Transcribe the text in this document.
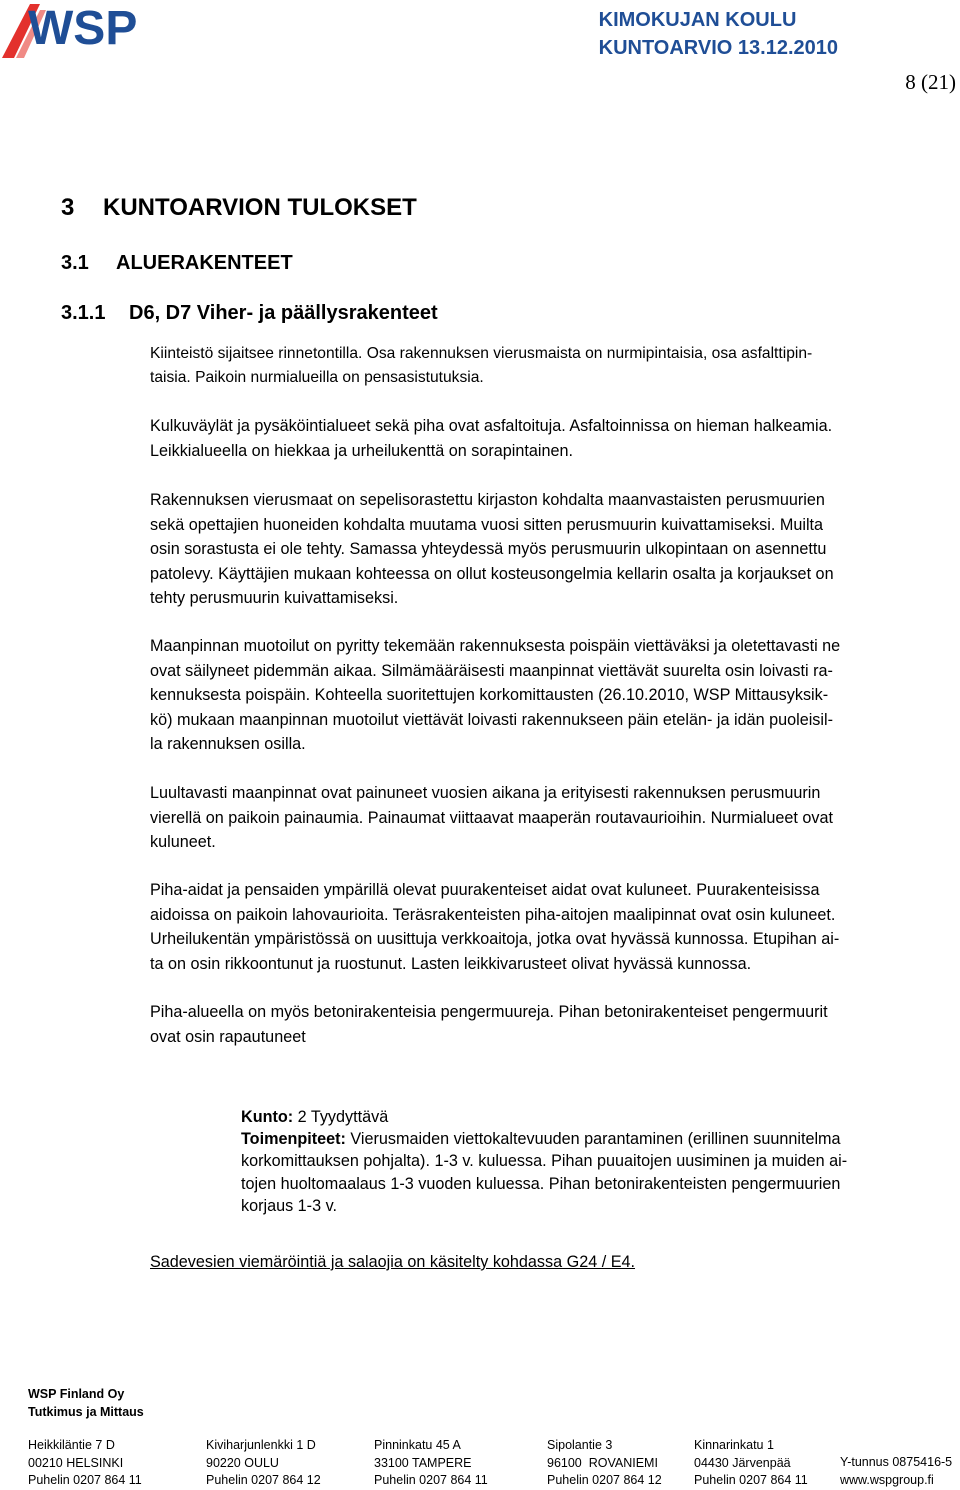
WSP	KIMOKUJAN KOULU
KUNTOARVIO 13.12.2010
8 (21)
3 KUNTOARVION TULOKSET
3.1 ALUERAKENTEET
3.1.1 D6, D7 Viher- ja päällysrakenteet

Kiinteistö sijaitsee rinnetontilla. Osa rakennuksen vierusmaista on nurmipintaisia, osa asfalttipin-

taisia. Paikoin nurmialueilla on pensasistutuksia.

Kulkuväylät ja pysäköintialueet sekä piha ovat asfaltoituja. Asfaltoinnissa on hieman halkeamia.

Leikkialueella on hiekkaa ja urheilukenttä on sorapintainen.

Rakennuksen vierusmaat on sepelisorastettu kirjaston kohdalta maanvastaisten perusmuurien

sekä opettajien huoneiden kohdalta muutama vuosi sitten perusmuurin kuivattamiseksi. Muilta

osin sorastusta ei ole tehty. Samassa yhteydessä myös perusmuurin ulkopintaan on asennettu

patolevy. Käyttäjien mukaan kohteessa on ollut kosteusongelmia kellarin osalta ja korjaukset on

tehty perusmuurin kuivattamiseksi.

Maanpinnan muotoilut on pyritty tekemään rakennuksesta poispäin viettäväksi ja oletettavasti ne

ovat säilyneet pidemmän aikaa. Silmämääräisesti maanpinnat viettävät suurelta osin loivasti ra-

kennuksesta poispäin. Kohteella suoritettujen korkomittausten (26.10.2010, WSP Mittausyksik-

kö) mukaan maanpinnan muotoilut viettävät loivasti rakennukseen päin etelän- ja idän puoleisil-

la rakennuksen osilla.

Luultavasti maanpinnat ovat painuneet vuosien aikana ja erityisesti rakennuksen perusmuurin

vierellä on paikoin painaumia. Painaumat viittaavat maaperän routavaurioihin. Nurmialueet ovat

kuluneet.

Piha-aidat ja pensaiden ympärillä olevat puurakenteiset aidat ovat kuluneet. Puurakenteisissa

aidoissa on paikoin lahovaurioita. Teräsrakenteisten piha-aitojen maalipinnat ovat osin kuluneet.

Urheilukentän ympäristössä on uusittuja verkkoaitoja, jotka ovat hyvässä kunnossa. Etupihan ai-

ta on osin rikkoontunut ja ruostunut. Lasten leikkivarusteet olivat hyvässä kunnossa.

Piha-alueella on myös betonirakenteisia pengermuureja. Pihan betonirakenteiset pengermuurit

ovat osin rapautuneet

Kunto: 2 Tyydyttävä

Toimenpiteet: Vierusmaiden viettokaltevuuden parantaminen (erillinen suunnitelma

korkomittauksen pohjalta). 1-3 v. kuluessa. Pihan puuaitojen uusiminen ja muiden ai-

tojen huoltomaalaus 1-3 vuoden kuluessa. Pihan betonirakenteisten pengermuurien

korjaus 1-3 v.

Sadevesien viemäröintiä ja salaojia on käsitelty kohdassa G24 / E4.
WSP Finland Oy
Tutkimus ja Mittaus
Heikkiläntie 7 D
00210 HELSINKI
Puhelin 0207 864 11
Kiviharjunlenkki 1 D
90220 OULU
Puhelin 0207 864 12
Pinninkatu 45 A
33100 TAMPERE
Puhelin 0207 864 11
Sipolantie 3
96100  ROVANIEMI
Puhelin 0207 864 12
Kinnarinkatu 1
04430 Järvenpää
Puhelin 0207 864 11
Y-tunnus 0875416-5
www.wspgroup.fi
